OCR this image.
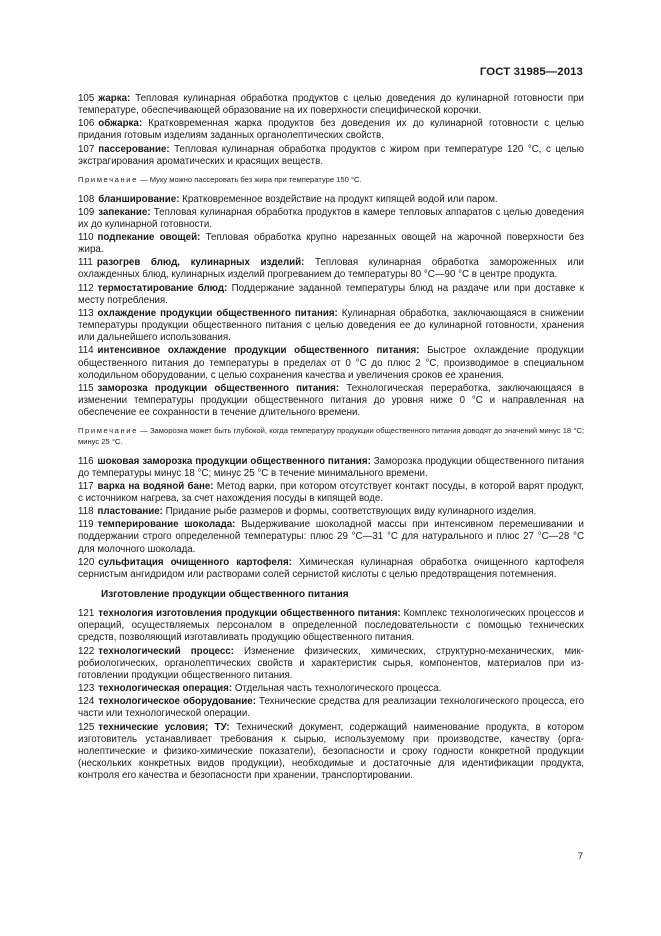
ГОСТ 31985—2013

105 жарка: Тепловая кулинарная обработка продуктов с целью доведения до кулинарной готовности при температуре, обеспечивающей образование на их поверхности специфической корочки.

106 обжарка: Кратковременная жарка продуктов без доведения их до кулинарной готовности с целью придания готовым изделиям заданных органолептических свойств.

107 пассерование: Тепловая кулинарная обработка продуктов с жиром при температуре 120 °С, с целью экстрагирования ароматических и красящих веществ.

Примечание — Муку можно пассеровать без жира при температуре 150 °С.

108 бланширование: Кратковременное воздействие на продукт кипящей водой или паром.

109 запекание: Тепловая кулинарная обработка продуктов в камере тепловых аппаратов с целью доведения их до кулинарной готовности.

110 подпекание овощей: Тепловая обработка крупно нарезанных овощей на жарочной поверхности без жира.

111 разогрев блюд, кулинарных изделий: Тепловая кулинарная обработка замороженных или охлажденных блюд, кулинарных изделий прогреванием до температуры 80 °С—90 °С в центре продукта.

112 термостатирование блюд: Поддержание заданной температуры блюд на раздаче или при доставке к месту потребления.

113 охлаждение продукции общественного питания: Кулинарная обработка, заключающаяся в снижении температуры продукции общественного питания с целью доведения ее до кулинарной готовности, хранения или дальнейшего использования.

114 интенсивное охлаждение продукции общественного питания: Быстрое охлаждение продукции общественного питания до температуры в пределах от 0 °С до плюс 2 °С, производимое в специальном холодильном оборудовании, с целью сохранения качества и увеличения сроков ее хранения.

115 заморозка продукции общественного питания: Технологическая переработка, заключающаяся в изменении температуры продукции общественного питания до уровня ниже 0 °С и направленная на обеспечение ее сохранности в течение длительного времени.

Примечание — Заморозка может быть глубокой, когда температуру продукции общественного питания доводят до значений минус 18 °С; минус 25 °С.

116 шоковая заморозка продукции общественного питания: Заморозка продукции общественного питания до температуры минус 18 °С; минус 25 °С в течение минимального времени.

117 варка на водяной бане: Метод варки, при котором отсутствует контакт посуды, в которой варят продукт, с источником нагрева, за счет нахождения посуды в кипящей воде.

118 пластование: Придание рыбе размеров и формы, соответствующих виду кулинарного изделия.

119 темперирование шоколада: Выдерживание шоколадной массы при интенсивном перемешивании и поддержании строго определенной температуры: плюс 29 °С—31 °С для натурального и плюс 27 °С—28 °С для молочного шоколада.

120 сульфитация очищенного картофеля: Химическая кулинарная обработка очищенного картофеля сернистым ангидридом или растворами солей сернистой кислоты с целью предотвращения потемнения.

Изготовление продукции общественного питания

121 технология изготовления продукции общественного питания: Комплекс технологических процессов и операций, осуществляемых персоналом в определенной последовательности с помощью технических средств, позволяющий изготавливать продукцию общественного питания.

122 технологический процесс: Изменение физических, химических, структурно-механических, микробиологических, органолептических свойств и характеристик сырья, компонентов, материалов при изготовлении продукции общественного питания.

123 технологическая операция: Отдельная часть технологического процесса.

124 технологическое оборудование: Технические средства для реализации технологического процесса, его части или технологической операции.

125 технические условия; ТУ: Технический документ, содержащий наименование продукта, в котором изготовитель устанавливает требования к сырью, используемому при производстве, качеству (органолептические и физико-химические показатели), безопасности и сроку годности конкретной продукции (нескольких конкретных видов продукции), необходимые и достаточные для идентификации продукта, контроля его качества и безопасности при хранении, транспортировании.

7
